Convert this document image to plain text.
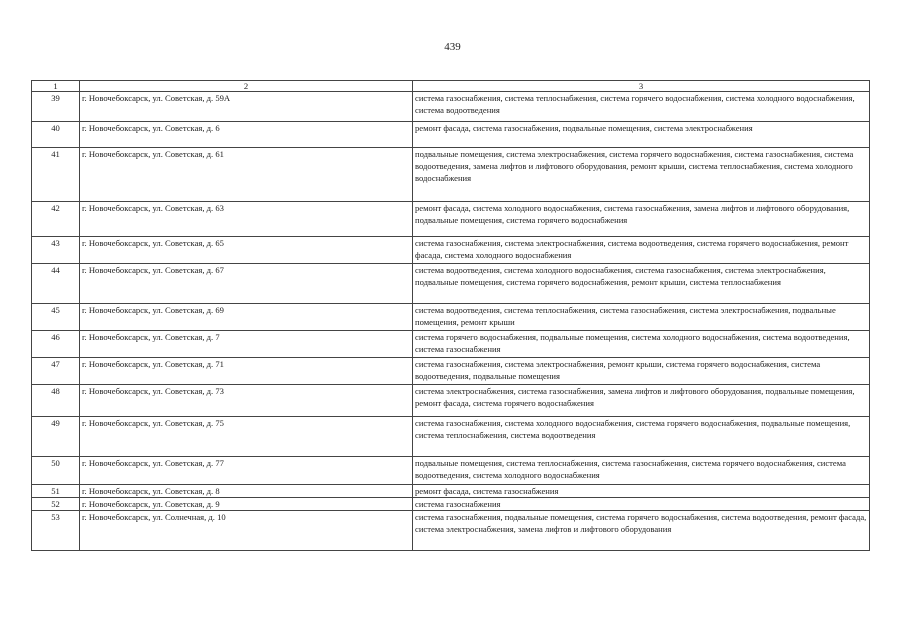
439
1	2	3
39	г. Новочебоксарск, ул. Советская, д. 59А	система газоснабжения, система теплоснабжения, система горячего водоснабжения, система холодного водоснабжения, система водоотведения
40	г. Новочебоксарск, ул. Советская, д. 6	ремонт фасада, система газоснабжения, подвальные помещения, система электроснабжения
41	г. Новочебоксарск, ул. Советская, д. 61	подвальные помещения, система электроснабжения, система горячего водоснабжения, система газоснабжения, система водоотведения, замена лифтов и лифтового оборудования, ремонт крыши, система теплоснабжения, система холодного водоснабжения
42	г. Новочебоксарск, ул. Советская, д. 63	ремонт фасада, система холодного водоснабжения, система газоснабжения, замена лифтов и лифтового оборудования, подвальные помещения, система горячего водоснабжения
43	г. Новочебоксарск, ул. Советская, д. 65	система газоснабжения, система электроснабжения, система водоотведения, система горячего водоснабжения, ремонт фасада, система холодного водоснабжения
44	г. Новочебоксарск, ул. Советская, д. 67	система водоотведения, система холодного водоснабжения, система газоснабжения, система электроснабжения, подвальные помещения, система горячего водоснабжения, ремонт крыши, система теплоснабжения
45	г. Новочебоксарск, ул. Советская, д. 69	система водоотведения, система теплоснабжения, система газоснабжения, система электроснабжения, подвальные помещения, ремонт крыши
46	г. Новочебоксарск, ул. Советская, д. 7	система горячего водоснабжения, подвальные помещения, система холодного водоснабжения, система водоотведения, система газоснабжения
47	г. Новочебоксарск, ул. Советская, д. 71	система газоснабжения, система электроснабжения, ремонт крыши, система горячего водоснабжения, система водоотведения, подвальные помещения
48	г. Новочебоксарск, ул. Советская, д. 73	система электроснабжения, система газоснабжения, замена лифтов и лифтового оборудования, подвальные помещения, ремонт фасада, система горячего водоснабжения
49	г. Новочебоксарск, ул. Советская, д. 75	система газоснабжения, система холодного водоснабжения, система горячего водоснабжения, подвальные помещения, система теплоснабжения, система водоотведения
50	г. Новочебоксарск, ул. Советская, д. 77	подвальные помещения, система теплоснабжения, система газоснабжения, система горячего водоснабжения, система водоотведения, система холодного водоснабжения
51	г. Новочебоксарск, ул. Советская, д. 8	ремонт фасада, система газоснабжения
52	г. Новочебоксарск, ул. Советская, д. 9	система газоснабжения
53	г. Новочебоксарск, ул. Солнечная, д. 10	система газоснабжения, подвальные помещения, система горячего водоснабжения, система водоотведения, ремонт фасада, система электроснабжения, замена лифтов и лифтового оборудования
